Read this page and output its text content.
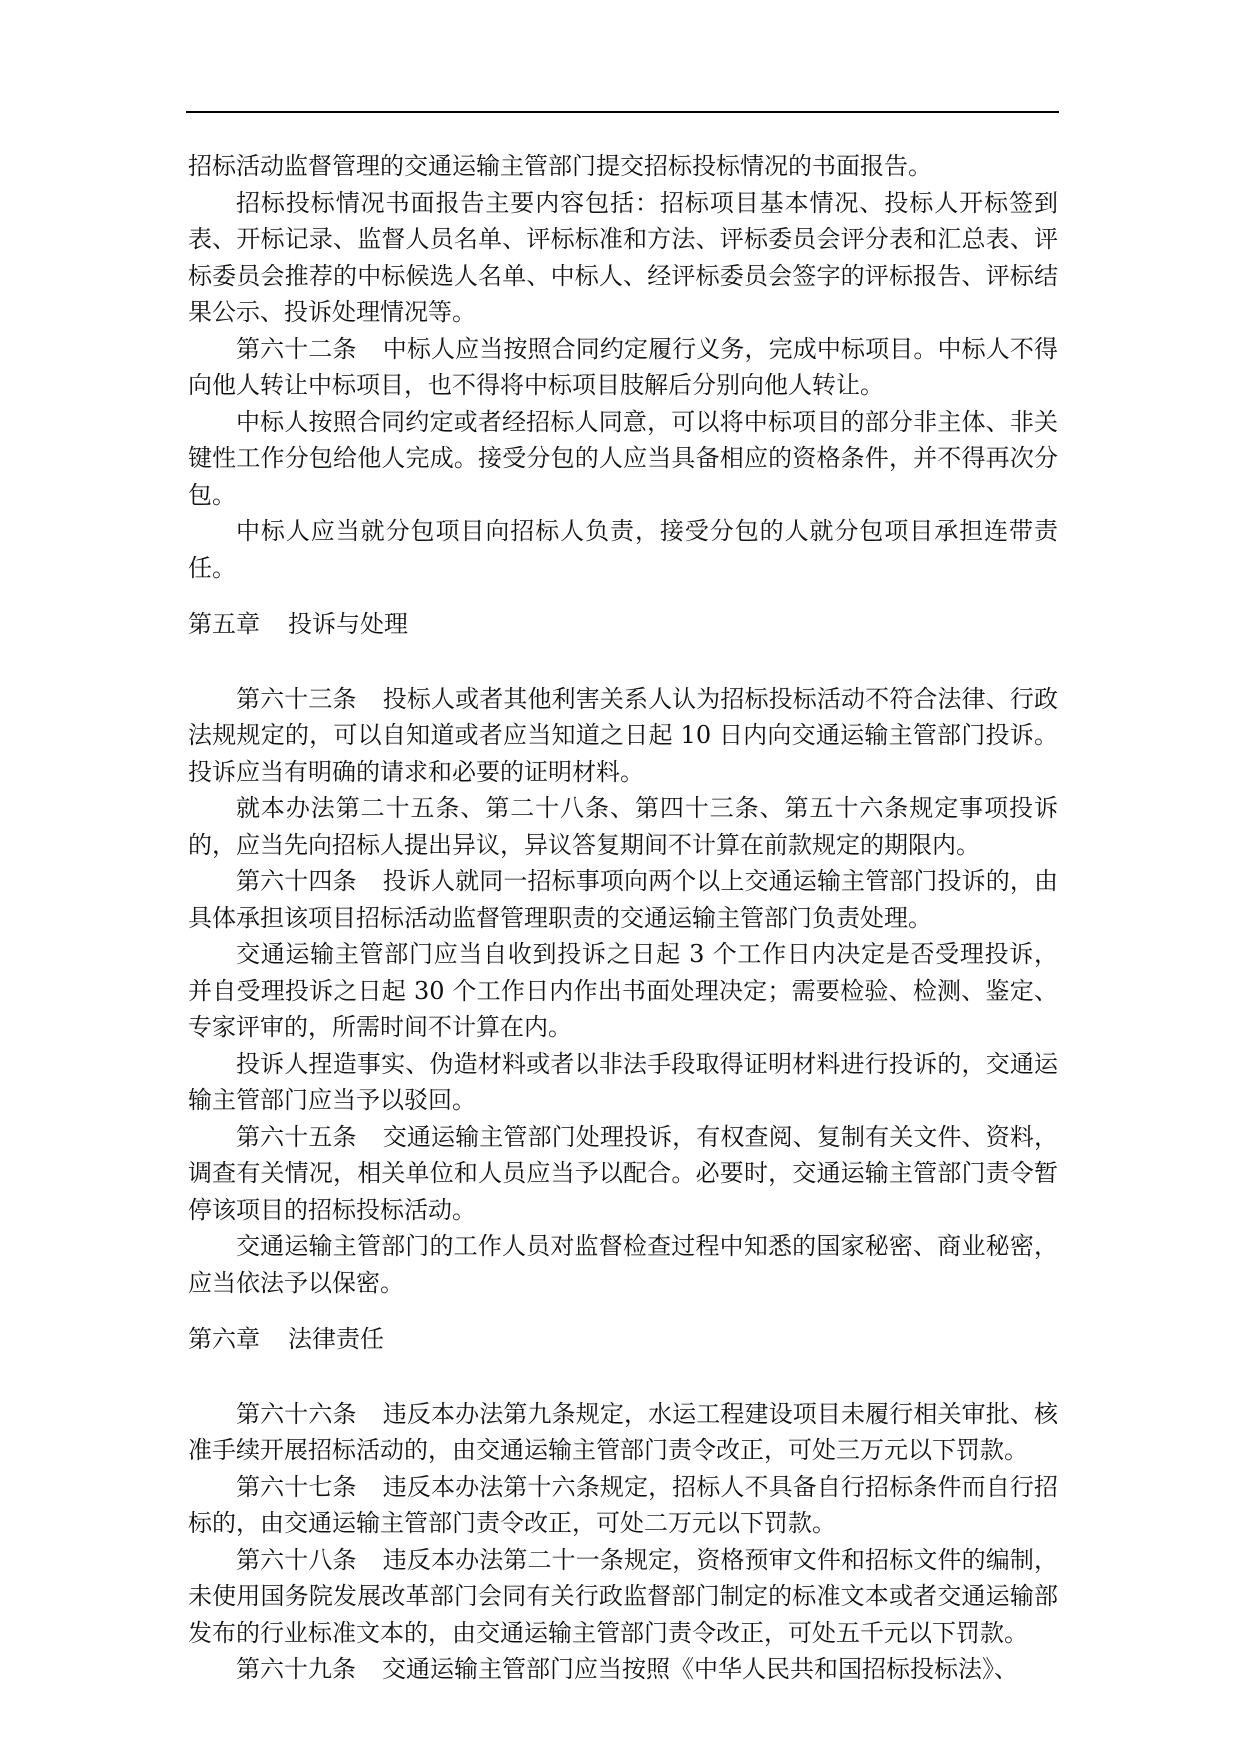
招标活动监督管理的交通运输主管部门提交招标投标情况的书面报告。

招标投标情况书面报告主要内容包括：招标项目基本情况、投标人开标签到表、开标记录、监督人员名单、评标标准和方法、评标委员会评分表和汇总表、评标委员会推荐的中标候选人名单、中标人、经评标委员会签字的评标报告、评标结果公示、投诉处理情况等。

第六十二条 中标人应当按照合同约定履行义务，完成中标项目。中标人不得向他人转让中标项目，也不得将中标项目肢解后分别向他人转让。

中标人按照合同约定或者经招标人同意，可以将中标项目的部分非主体、非关键性工作分包给他人完成。接受分包的人应当具备相应的资格条件，并不得再次分包。

中标人应当就分包项目向招标人负责，接受分包的人就分包项目承担连带责任。

第五章 投诉与处理

第六十三条 投标人或者其他利害关系人认为招标投标活动不符合法律、行政法规规定的，可以自知道或者应当知道之日起 10 日内向交通运输主管部门投诉。投诉应当有明确的请求和必要的证明材料。

就本办法第二十五条、第二十八条、第四十三条、第五十六条规定事项投诉的，应当先向招标人提出异议，异议答复期间不计算在前款规定的期限内。

第六十四条 投诉人就同一招标事项向两个以上交通运输主管部门投诉的，由具体承担该项目招标活动监督管理职责的交通运输主管部门负责处理。

交通运输主管部门应当自收到投诉之日起 3 个工作日内决定是否受理投诉，并自受理投诉之日起 30 个工作日内作出书面处理决定；需要检验、检测、鉴定、专家评审的，所需时间不计算在内。

投诉人捏造事实、伪造材料或者以非法手段取得证明材料进行投诉的，交通运输主管部门应当予以驳回。

第六十五条 交通运输主管部门处理投诉，有权查阅、复制有关文件、资料，调查有关情况，相关单位和人员应当予以配合。必要时，交通运输主管部门责令暂停该项目的招标投标活动。

交通运输主管部门的工作人员对监督检查过程中知悉的国家秘密、商业秘密，应当依法予以保密。

第六章 法律责任

第六十六条 违反本办法第九条规定，水运工程建设项目未履行相关审批、核准手续开展招标活动的，由交通运输主管部门责令改正，可处三万元以下罚款。

第六十七条 违反本办法第十六条规定，招标人不具备自行招标条件而自行招标的，由交通运输主管部门责令改正，可处二万元以下罚款。

第六十八条 违反本办法第二十一条规定，资格预审文件和招标文件的编制，未使用国务院发展改革部门会同有关行政监督部门制定的标准文本或者交通运输部发布的行业标准文本的，由交通运输主管部门责令改正，可处五千元以下罚款。

第六十九条 交通运输主管部门应当按照《中华人民共和国招标投标法》、
